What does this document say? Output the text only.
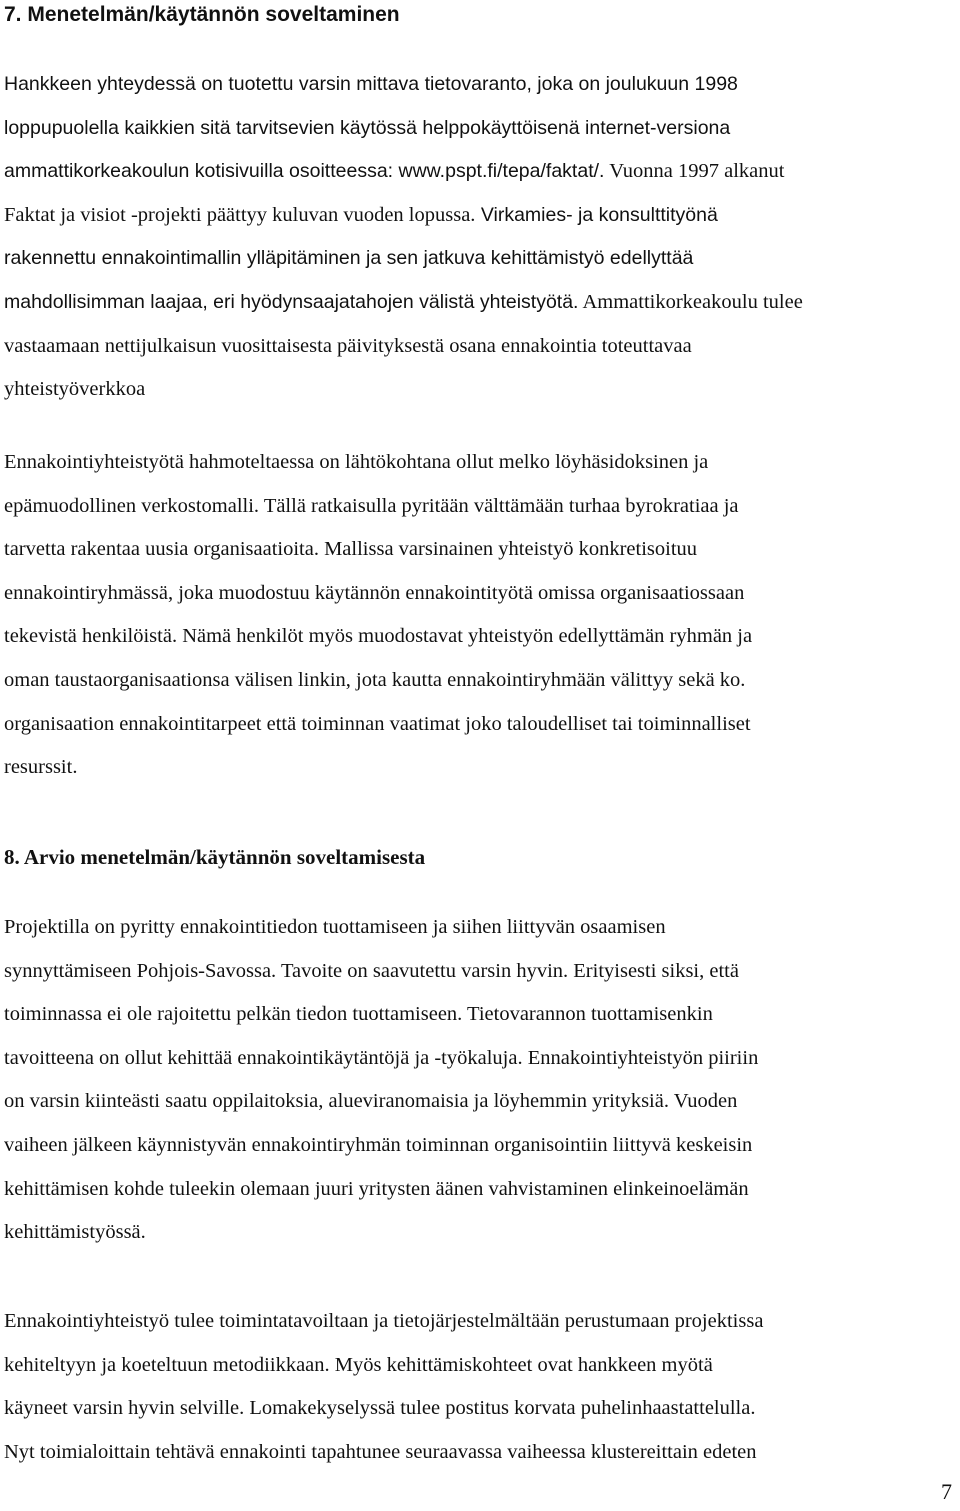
7. Menetelmän/käytännön soveltaminen
7
Hankkeen yhteydessä on tuotettu varsin mittava tietovaranto, joka on joulukuun 1998
loppupuolella kaikkien sitä tarvitsevien käytössä helppokäyttöisenä internet-versiona
ammattikorkeakoulun kotisivuilla osoitteessa: www.pspt.fi/tepa/faktat/. Vuonna 1997 alkanut
Faktat ja visiot -projekti päättyy kuluvan vuoden lopussa. Virkamies- ja konsulttityönä
rakennettu ennakointimallin ylläpitäminen ja sen jatkuva kehittämistyö edellyttää
mahdollisimman laajaa, eri hyödynsaajatahojen välistä yhteistyötä. Ammattikorkeakoulu tulee
vastaamaan nettijulkaisun vuosittaisesta päivityksestä osana ennakointia toteuttavaa
yhteistyöverkkoa
Ennakointiyhteistyötä hahmoteltaessa on lähtökohtana ollut melko löyhäsidoksinen ja
epämuodollinen verkostomalli. Tällä ratkaisulla pyritään välttämään turhaa byrokratiaa ja
tarvetta rakentaa uusia organisaatioita. Mallissa varsinainen yhteistyö konkretisoituu
ennakointiryhmässä, joka muodostuu käytännön ennakointityötä omissa organisaatiossaan
tekevistä henkilöistä. Nämä henkilöt myös muodostavat yhteistyön edellyttämän ryhmän ja
oman taustaorganisaationsa välisen linkin, jota kautta ennakointiryhmään välittyy sekä ko.
organisaation ennakointitarpeet että toiminnan vaatimat joko taloudelliset tai toiminnalliset
resurssit.
Projektilla on pyritty ennakointitiedon tuottamiseen ja siihen liittyvän osaamisen
synnyttämiseen Pohjois-Savossa. Tavoite on saavutettu varsin hyvin. Erityisesti siksi, että
toiminnassa ei ole rajoitettu pelkän tiedon tuottamiseen. Tietovarannon tuottamisenkin
tavoitteena on ollut kehittää ennakointikäytäntöjä ja -työkaluja. Ennakointiyhteistyön piiriin
on varsin kiinteästi saatu oppilaitoksia, alueviranomaisia ja löyhemmin yrityksiä. Vuoden
vaiheen jälkeen käynnistyvän ennakointiryhmän toiminnan organisointiin liittyvä keskeisin
kehittämisen kohde tuleekin olemaan juuri yritysten äänen vahvistaminen elinkeinoelämän
kehittämistyössä.
Ennakointiyhteistyö tulee toimintatavoiltaan ja tietojärjestelmältään perustumaan projektissa
kehiteltyyn ja koeteltuun metodiikkaan. Myös kehittämiskohteet ovat hankkeen myötä
käyneet varsin hyvin selville. Lomakekyselyssä tulee postitus korvata puhelinhaastattelulla.
Nyt toimialoittain tehtävä ennakointi tapahtunee seuraavassa vaiheessa klustereittain edeten
8. Arvio menetelmän/käytännön soveltamisesta
